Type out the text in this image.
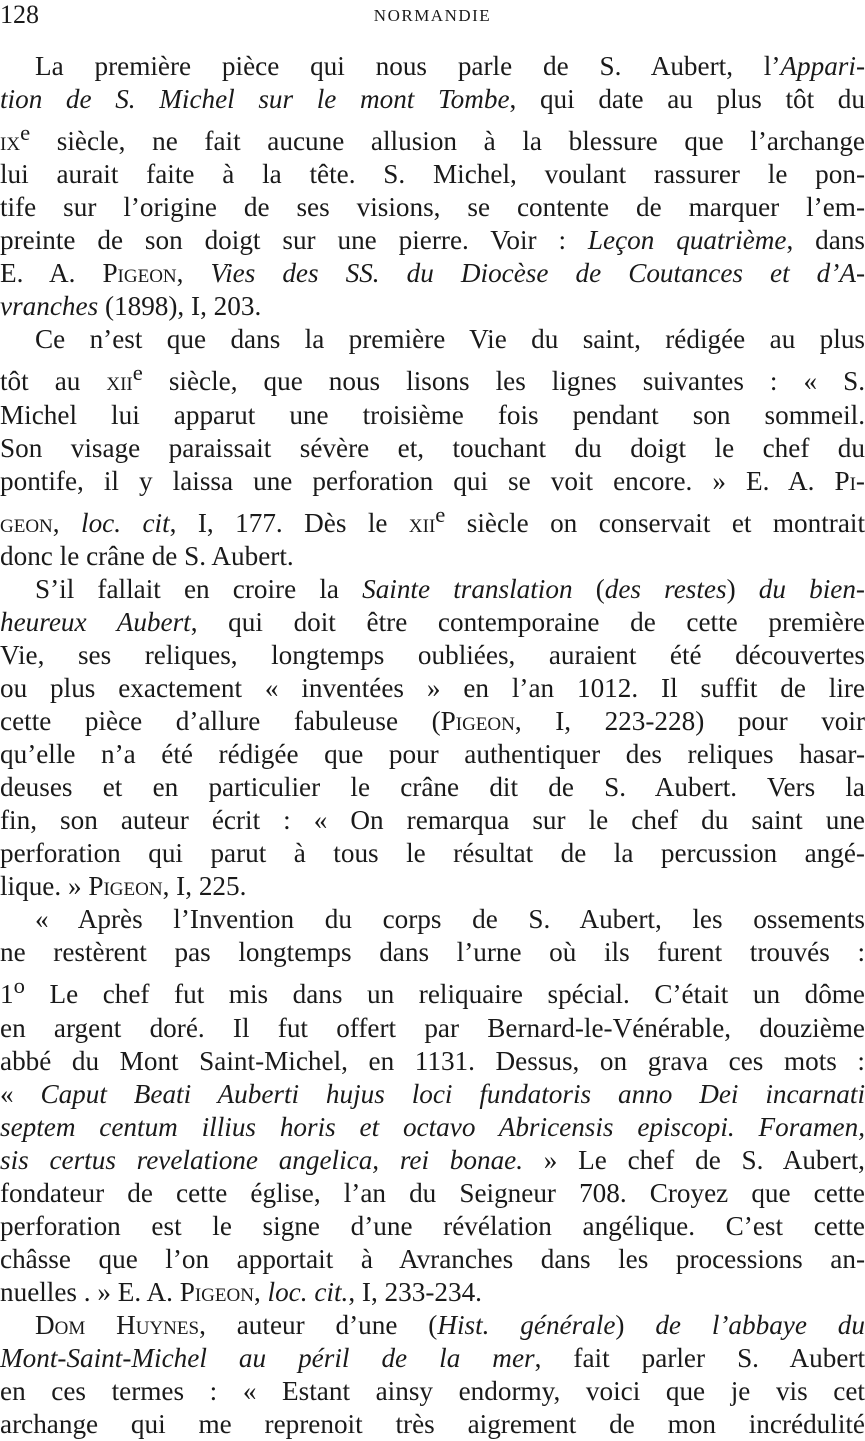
128	NORMANDIE
La première pièce qui nous parle de S. Aubert, l’Appari-
tion de S. Michel sur le mont Tombe, qui date au plus tôt du
$ix^e$ siècle, ne fait aucune allusion à la blessure que l’archange
lui aurait faite à la tête. S. Michel, voulant rassurer le pon-
tife sur l’origine de ses visions, se contente de marquer l’em-
preinte de son doigt sur une pierre. Voir : Leçon quatrième, dans
E. A. Pigeon, Vies des SS. du Diocèse de Coutances et d’A-
vranches (1898), I, 203.
Ce n’est que dans la première Vie du saint, rédigée au plus
tôt au xii$^e$ siècle, que nous lisons les lignes suivantes : « S.
Michel lui apparut une troisième fois pendant son sommeil.
Son visage paraissait sévère et, touchant du doigt le chef du
pontife, il y laissa une perforation qui se voit encore. » E. A. Pi-
geon, loc. cit, I, 177. Dès le xii$^e$ siècle on conservait et montrait
donc le crâne de S. Aubert.
S’il fallait en croire la Sainte translation (des restes) du bien-
heureux Aubert, qui doit être contemporaine de cette première
Vie, ses reliques, longtemps oubliées, auraient été découvertes
ou plus exactement « inventées » en l’an 1012. Il suffit de lire
cette pièce d’allure fabuleuse (Pigeon, I, 223-228) pour voir
qu’elle n’a été rédigée que pour authentiquer des reliques hasar-
deuses et en particulier le crâne dit de S. Aubert. Vers la
fin, son auteur écrit : « On remarqua sur le chef du saint une
perforation qui parut à tous le résultat de la percussion angé-
lique. » Pigeon, I, 225.
« Après l’Invention du corps de S. Aubert, les ossements
ne restèrent pas longtemps dans l’urne où ils furent trouvés :
1$^o$ Le chef fut mis dans un reliquaire spécial. C’était un dôme
en argent doré. Il fut offert par Bernard-le-Vénérable, douzième
abbé du Mont Saint-Michel, en 1131. Dessus, on grava ces mots :
« Caput Beati Auberti hujus loci fundatoris anno Dei incarnati
septem centum illius horis et octavo Abricensis episcopi. Foramen,
sis certus revelatione angelica, rei bonae. » Le chef de S. Aubert,
fondateur de cette église, l’an du Seigneur 708. Croyez que cette
perforation est le signe d’une révélation angélique. C’est cette
châsse que l’on apportait à Avranches dans les processions an-
nuelles . » E. A. Pigeon, loc. cit., I, 233-234.
Dom Huynes, auteur d’une (Hist. générale) de l’abbaye du
Mont-Saint-Michel au péril de la mer, fait parler S. Aubert
en ces termes : « Estant ainsy endormy, voici que je vis cet
archange qui me reprenoit très aigrement de mon incrédulité
